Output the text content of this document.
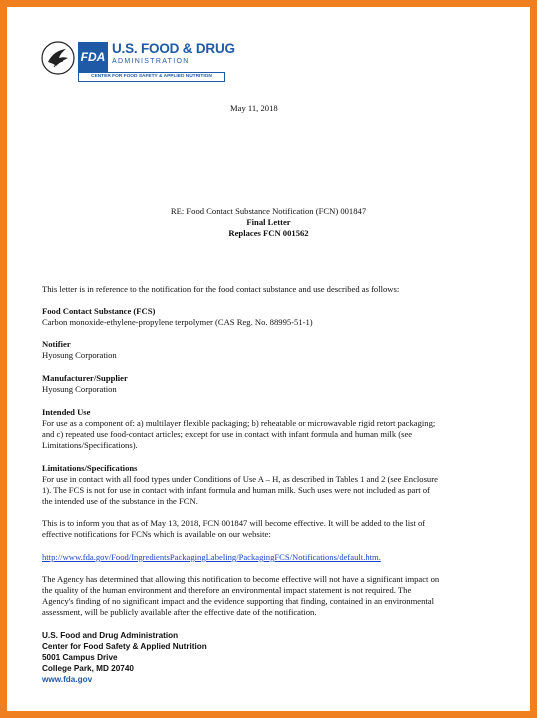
FDA
U.S. FOOD & DRUG
ADMINISTRATION
CENTER FOR FOOD SAFETY & APPLIED NUTRITION
May 11, 2018
RE: Food Contact Substance Notification (FCN) 001847
Final Letter
Replaces FCN 001562
This letter is in reference to the notification for the food contact substance and use described as follows:
Food Contact Substance (FCS)
Carbon monoxide-ethylene-propylene terpolymer (CAS Reg. No. 88995-51-1)
Notifier
Hyosung Corporation
Manufacturer/Supplier
Hyosung Corporation
Intended Use
For use as a component of: a) multilayer flexible packaging; b) reheatable or microwavable rigid retort packaging;
and c) repeated use food-contact articles; except for use in contact with infant formula and human milk (see
Limitations/Specifications).
Limitations/Specifications
For use in contact with all food types under Conditions of Use A – H, as described in Tables 1 and 2 (see Enclosure
1). The FCS is not for use in contact with infant formula and human milk. Such uses were not included as part of
the intended use of the substance in the FCN.
This is to inform you that as of May 13, 2018, FCN 001847 will become effective. It will be added to the list of
effective notifications for FCNs which is available on our website:
http://www.fda.gov/Food/IngredientsPackagingLabeling/PackagingFCS/Notifications/default.htm.
The Agency has determined that allowing this notification to become effective will not have a significant impact on
the quality of the human environment and therefore an environmental impact statement is not required. The
Agency's finding of no significant impact and the evidence supporting that finding, contained in an environmental
assessment, will be publicly available after the effective date of the notification.
U.S. Food and Drug Administration
Center for Food Safety & Applied Nutrition
5001 Campus Drive
College Park, MD 20740
www.fda.gov
